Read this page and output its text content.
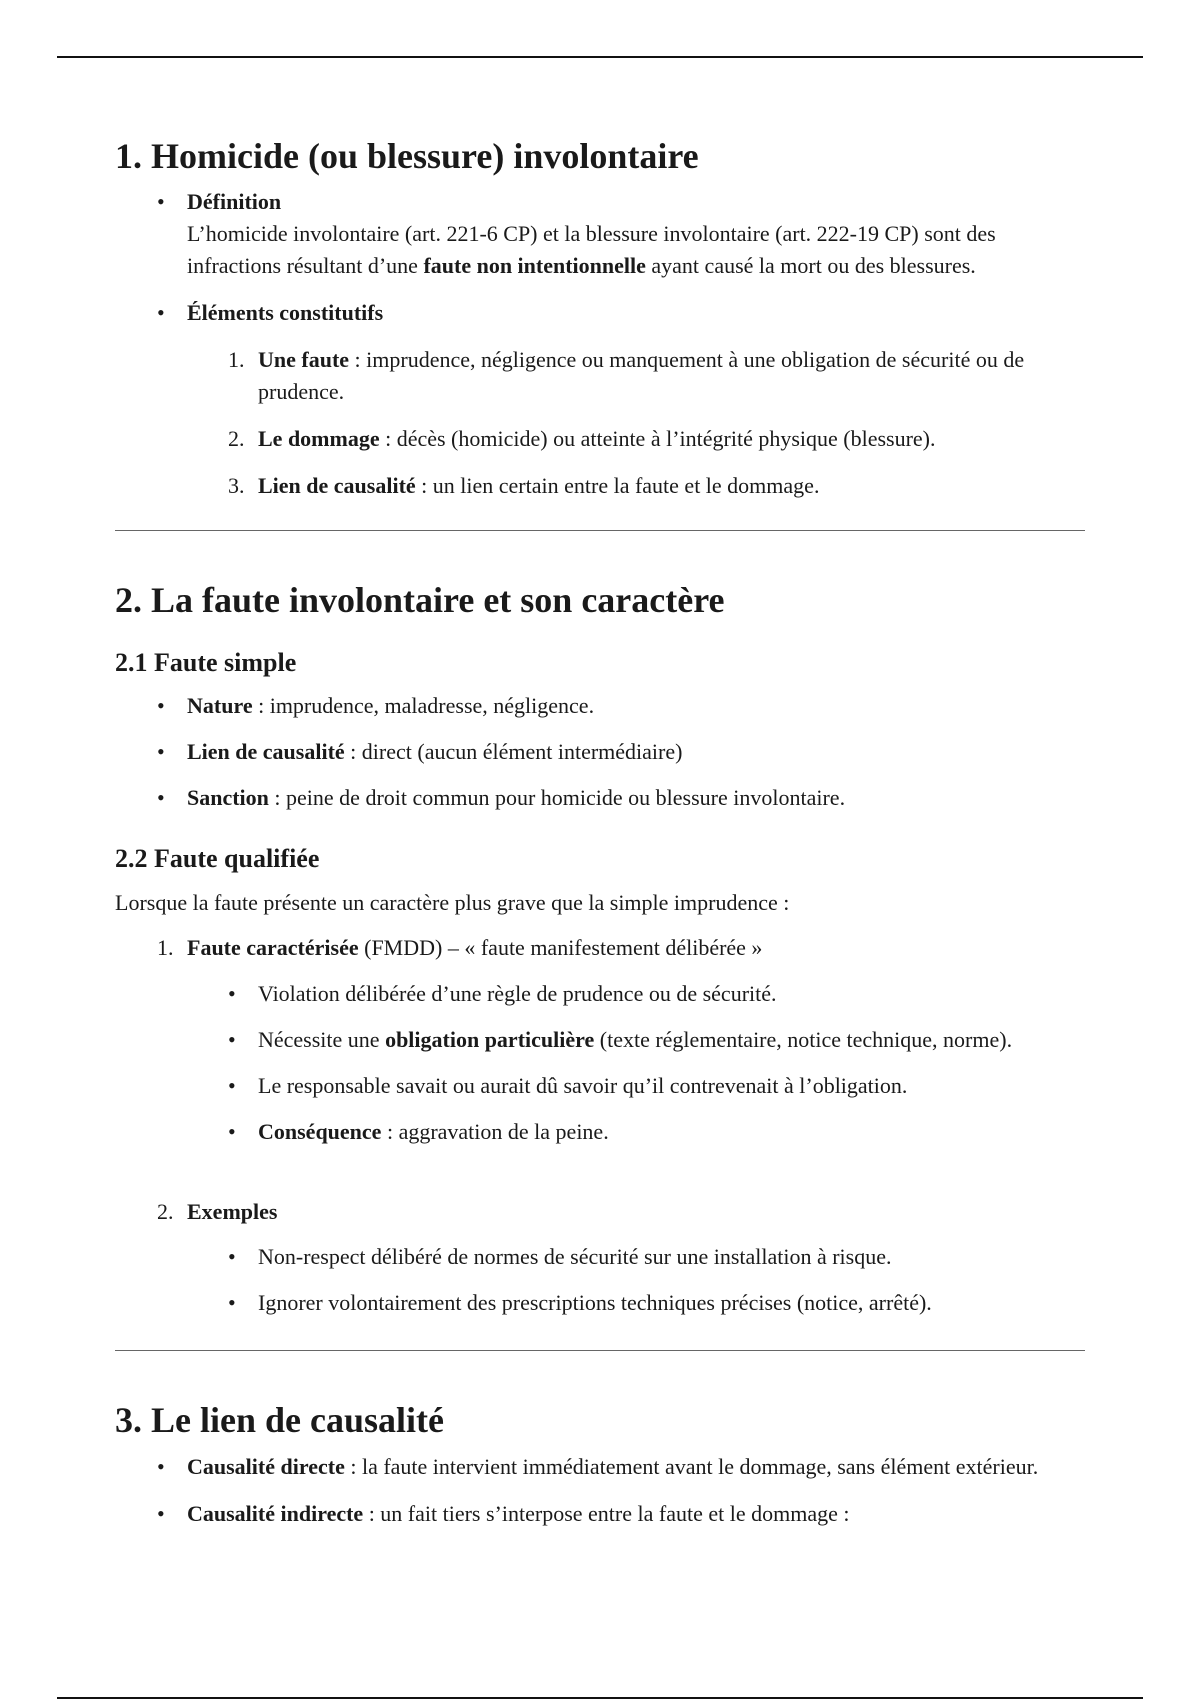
1. Homicide (ou blessure) involontaire
• Définition
L’homicide involontaire (art. 221-6 CP) et la blessure involontaire (art. 222-19 CP) sont des infractions résultant d’une faute non intentionnelle ayant causé la mort ou des blessures.
• Éléments constitutifs
1. Une faute : imprudence, négligence ou manquement à une obligation de sécurité ou de prudence.
2. Le dommage : décès (homicide) ou atteinte à l’intégrité physique (blessure).
3. Lien de causalité : un lien certain entre la faute et le dommage.
2. La faute involontaire et son caractère
2.1 Faute simple
• Nature : imprudence, maladresse, négligence.
• Lien de causalité : direct (aucun élément intermédiaire)
• Sanction : peine de droit commun pour homicide ou blessure involontaire.
2.2 Faute qualifiée

Lorsque la faute présente un caractère plus grave que la simple imprudence :

1. Faute caractérisée (FMDD) – « faute manifestement délibérée »
• Violation délibérée d’une règle de prudence ou de sécurité.
• Nécessite une obligation particulière (texte réglementaire, notice technique, norme).
• Le responsable savait ou aurait dû savoir qu’il contrevenait à l’obligation.
• Conséquence : aggravation de la peine.
2. Exemples
• Non-respect délibéré de normes de sécurité sur une installation à risque.
• Ignorer volontairement des prescriptions techniques précises (notice, arrêté).
3. Le lien de causalité
• Causalité directe : la faute intervient immédiatement avant le dommage, sans élément extérieur.
• Causalité indirecte : un fait tiers s’interpose entre la faute et le dommage :
